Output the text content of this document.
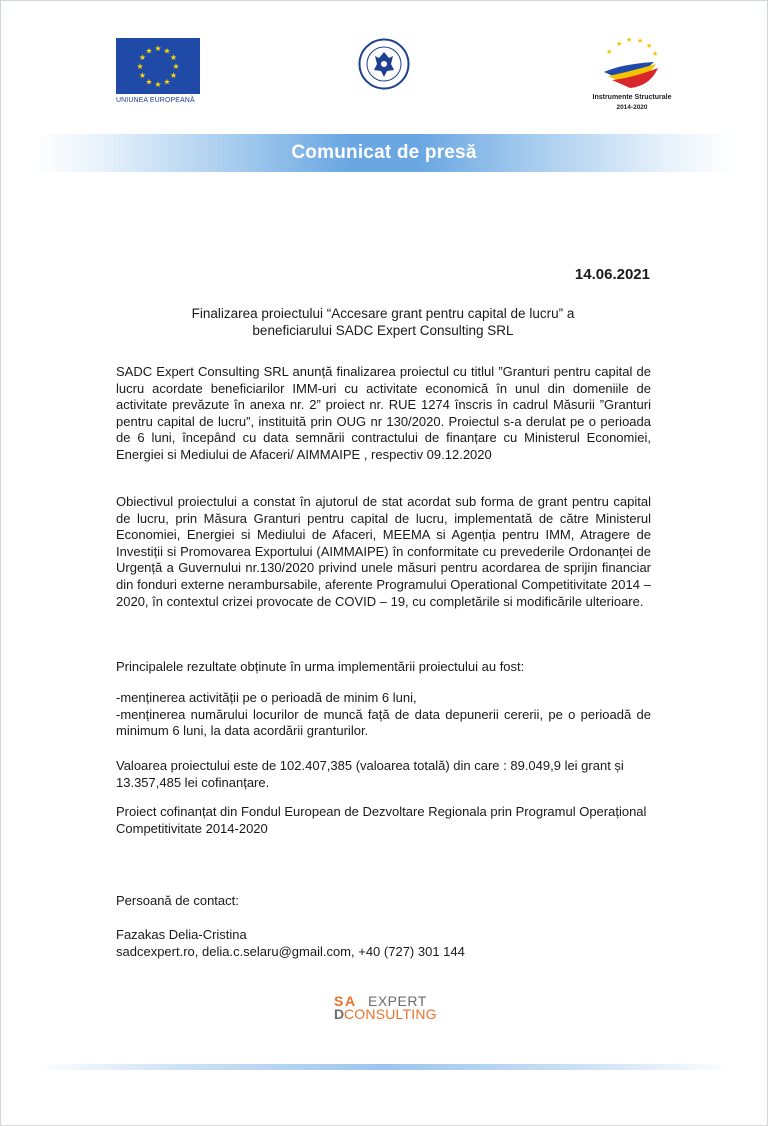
★ ★
★
★
★
★
★
★
★
★
★
★
UNIUNEA EUROPEANĂ
★
★ ★
★
★
★
Instrumente Structurale
2014-2020
Comunicat de presă
14.06.2021
Finalizarea proiectului “Accesare grant pentru capital de lucru” a
beneficiarului SADC Expert Consulting SRL
SADC Expert Consulting SRL anunță finalizarea proiectul cu titlul ”Granturi pentru capital de lucru acordate beneficiarilor IMM-uri cu activitate economică în unul din domeniile de activitate prevăzute în anexa nr. 2” proiect nr. RUE 1274 înscris în cadrul Măsurii ”Granturi pentru capital de lucru”, instituită prin OUG nr 130/2020. Proiectul s-a derulat pe o perioada de 6 luni, începând cu data semnării contractului de finanțare cu Ministerul Economiei, Energiei si Mediului de Afaceri/ AIMMAIPE , respectiv 09.12.2020
Obiectivul proiectului a constat în ajutorul de stat acordat sub forma de grant pentru capital de lucru, prin Măsura Granturi pentru capital de lucru, implementată de către Ministerul Economiei, Energiei si Mediului de Afaceri, MEEMA si Agenția pentru IMM, Atragere de Investiții si Promovarea Exportului (AIMMAIPE) în conformitate cu prevederile Ordonanței de Urgență a Guvernului nr.130/2020 privind unele măsuri pentru acordarea de sprijin financiar din fonduri externe nerambursabile, aferente Programului Operational Competitivitate 2014 – 2020, în contextul crizei provocate de COVID – 19, cu completările si modificările ulterioare.
Principalele rezultate obținute în urma implementării proiectului au fost:
-menținerea activității pe o perioadă de minim 6 luni,
-menținerea numărului locurilor de muncă față de data depunerii cererii, pe o perioadă de minimum 6 luni, la data acordării granturilor.
Valoarea proiectului este de 102.407,385 (valoarea totală) din care : 89.049,9 lei grant și 13.357,485 lei cofinanțare.
Proiect cofinanțat din Fondul European de Dezvoltare Regionala prin Programul Operațional Competitivitate 2014-2020
Persoană de contact:
Fazakas Delia-Cristina
sadcexpert.ro, delia.c.selaru@gmail.com, +40 (727) 301 144
S A EXPERT
D CONSULTING
